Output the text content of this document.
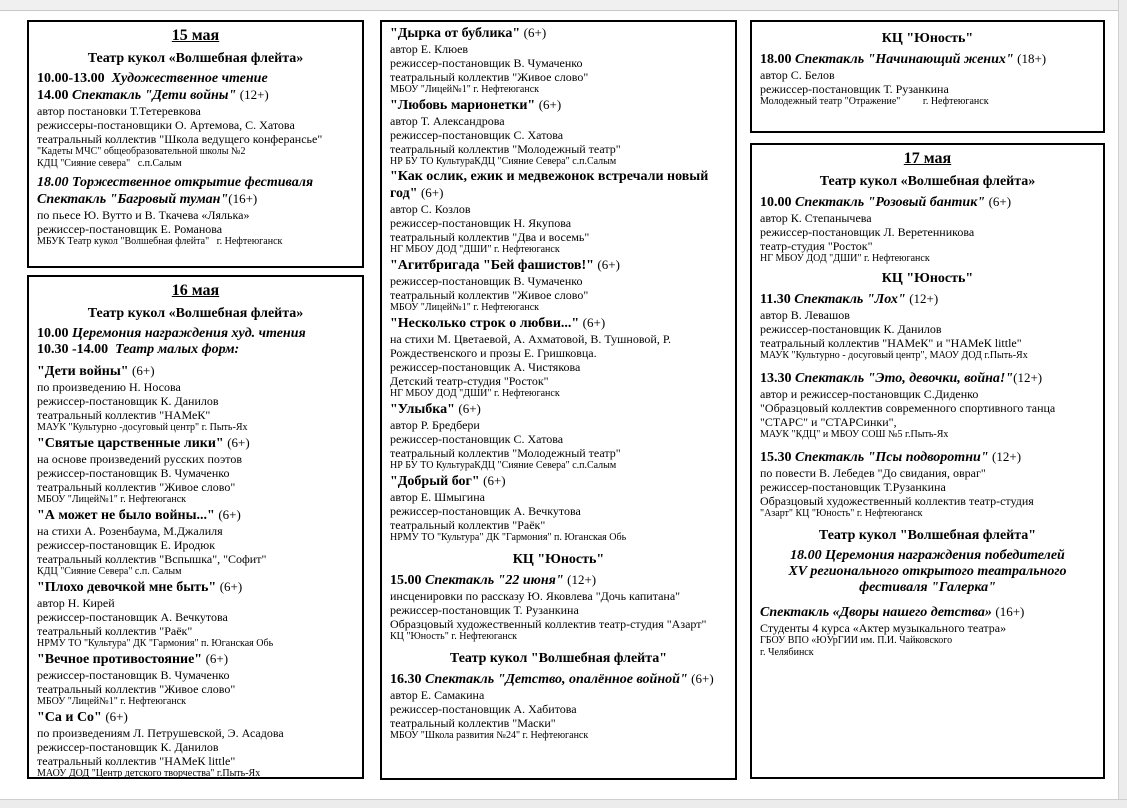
15 мая
Театр кукол «Волшебная флейта»
10.00-13.00 Художественное чтение
14.00 Спектакль "Дети войны" (12+)
автор постановки Т.Тетеревкова
режиссеры-постановщики О. Артемова, С. Хатова
театральный коллектив "Школа ведущего конферансье"
"Кадеты МЧС" общеобразовательной школы №2
КДЦ "Сияние севера" с.п.Салым
18.00 Торжественное открытие фестиваля
Спектакль "Багровый туман"(16+)
по пьесе Ю. Вутто и В. Ткачева «Лялька»
режиссер-постановщик Е. Романова
МБУК Театр кукол "Волшебная флейта" г. Нефтеюганск
16 мая
Театр кукол «Волшебная флейта»
10.00 Церемония награждения худ. чтения
10.30 -14.00 Театр малых форм:
"Дети войны" (6+)
по произведению Н. Носова
режиссер-постановщик К. Данилов
театральный коллектив "НАМеК"
МАУК "Культурно -досуговый центр" г. Пыть-Ях
"Святые царственные лики" (6+)
на основе произведений русских поэтов
режиссер-постановщик В. Чумаченко
театральный коллектив "Живое слово"
МБОУ "Лицей№1" г. Нефтеюганск
"А может не было войны..." (6+)
на стихи А. Розенбаума, М.Джалиля
режиссер-постановщик Е. Иродюк
театральный коллектив "Вспышка", "Софит"
КДЦ "Сияние Севера" с.п. Салым
"Плохо девочкой мне быть" (6+)
автор Н. Кирей
режиссер-постановщик А. Вечкутова
театральный коллектив "Раёк"
НРМУ ТО "Культура" ДК "Гармония" п. Юганская Обь
"Вечное противостояние" (6+)
режиссер-постановщик В. Чумаченко
театральный коллектив "Живое слово"
МБОУ "Лицей№1" г. Нефтеюганск
"Са и Со" (6+)
по произведениям Л. Петрушевской, Э. Асадова
режиссер-постановщик К. Данилов
театральный коллектив "НАМеК little"
МАОУ ДОД "Центр детского творчества" г.Пыть-Ях
"Дырка от бублика" (6+)
автор Е. Клюев
режиссер-постановщик В. Чумаченко
театральный коллектив "Живое слово"
МБОУ "Лицей№1" г. Нефтеюганск
"Любовь марионетки" (6+)
автор Т. Александрова
режиссер-постановщик С. Хатова
театральный коллектив "Молодежный театр"
НР БУ ТО КультураКДЦ "Сияние Севера" с.п.Салым
"Как ослик, ежик и медвежонок встречали новый год" (6+)
автор С. Козлов
режиссер-постановщик Н. Якупова
театральный коллектив "Два и восемь"
НГ МБОУ ДОД "ДШИ" г. Нефтеюганск
"Агитбригада "Бей фашистов!" (6+)
режиссер-постановщик В. Чумаченко
театральный коллектив "Живое слово"
МБОУ "Лицей№1" г. Нефтеюганск
"Несколько строк о любви..." (6+)
на стихи М. Цветаевой, А. Ахматовой, В. Тушновой, Р. Рождественского и прозы Е. Гришковца.
режиссер-постановщик А. Чистякова
Детский театр-студия "Росток"
НГ МБОУ ДОД "ДШИ" г. Нефтеюганск
"Улыбка" (6+)
автор Р. Бредбери
режиссер-постановщик С. Хатова
театральный коллектив "Молодежный театр"
НР БУ ТО КультураКДЦ "Сияние Севера" с.п.Салым
"Добрый бог" (6+)
автор Е. Шмыгина
режиссер-постановщик А. Вечкутова
театральный коллектив "Раёк"
НРМУ ТО "Культура" ДК "Гармония" п. Юганская Обь
КЦ "Юность"
15.00 Спектакль "22 июня" (12+)
инсценировки по рассказу Ю. Яковлева "Дочь капитана"
режиссер-постановщик Т. Рузанкина
Образцовый художественный коллектив театр-студия "Азарт"
КЦ "Юность" г. Нефтеюганск
Театр кукол "Волшебная флейта"
16.30 Спектакль "Детство, опалённое войной" (6+)
автор Е. Самакина
режиссер-постановщик А. Хабитова
театральный коллектив "Маски"
МБОУ "Школа развития №24" г. Нефтеюганск
КЦ "Юность"
18.00 Спектакль "Начинающий жених" (18+)
автор С. Белов
режиссер-постановщик Т. Рузанкина
Молодежный театр "Отражение" г. Нефтеюганск
17 мая
Театр кукол «Волшебная флейта»
10.00 Спектакль "Розовый бантик" (6+)
автор К. Степанычева
режиссер-постановщик Л. Веретенникова
театр-студия "Росток"
НГ МБОУ ДОД "ДШИ" г. Нефтеюганск
КЦ "Юность"
11.30 Спектакль "Лох" (12+)
автор В. Левашов
режиссер-постановщик К. Данилов
театральный коллектив "НАМеК" и "НАМеК little"
МАУК "Культурно - досуговый центр", МАОУ ДОД г.Пыть-Ях
13.30 Спектакль "Это, девочки, война!"(12+)
автор и режиссер-постановщик С.Диденко
"Образцовый коллектив современного спортивного танца "СТАРС" и "СТАРСинки",
МАУК "КДЦ" и МБОУ СОШ №5 г.Пыть-Ях
15.30 Спектакль "Псы подворотни" (12+)
по повести В. Лебедев "До свидания, овраг"
режиссер-постановщик Т.Рузанкина
Образцовый художественный коллектив театр-студия
"Азарт" КЦ "Юность" г. Нефтеюганск
Театр кукол "Волшебная флейта"
18.00 Церемония награждения победителей
XV регионального открытого театрального
фестиваля "Галерка"
Спектакль «Дворы нашего детства» (16+)
Студенты 4 курса «Актер музыкального театра»
ГБОУ ВПО «ЮУрГИИ им. П.И. Чайковского
г. Челябинск
